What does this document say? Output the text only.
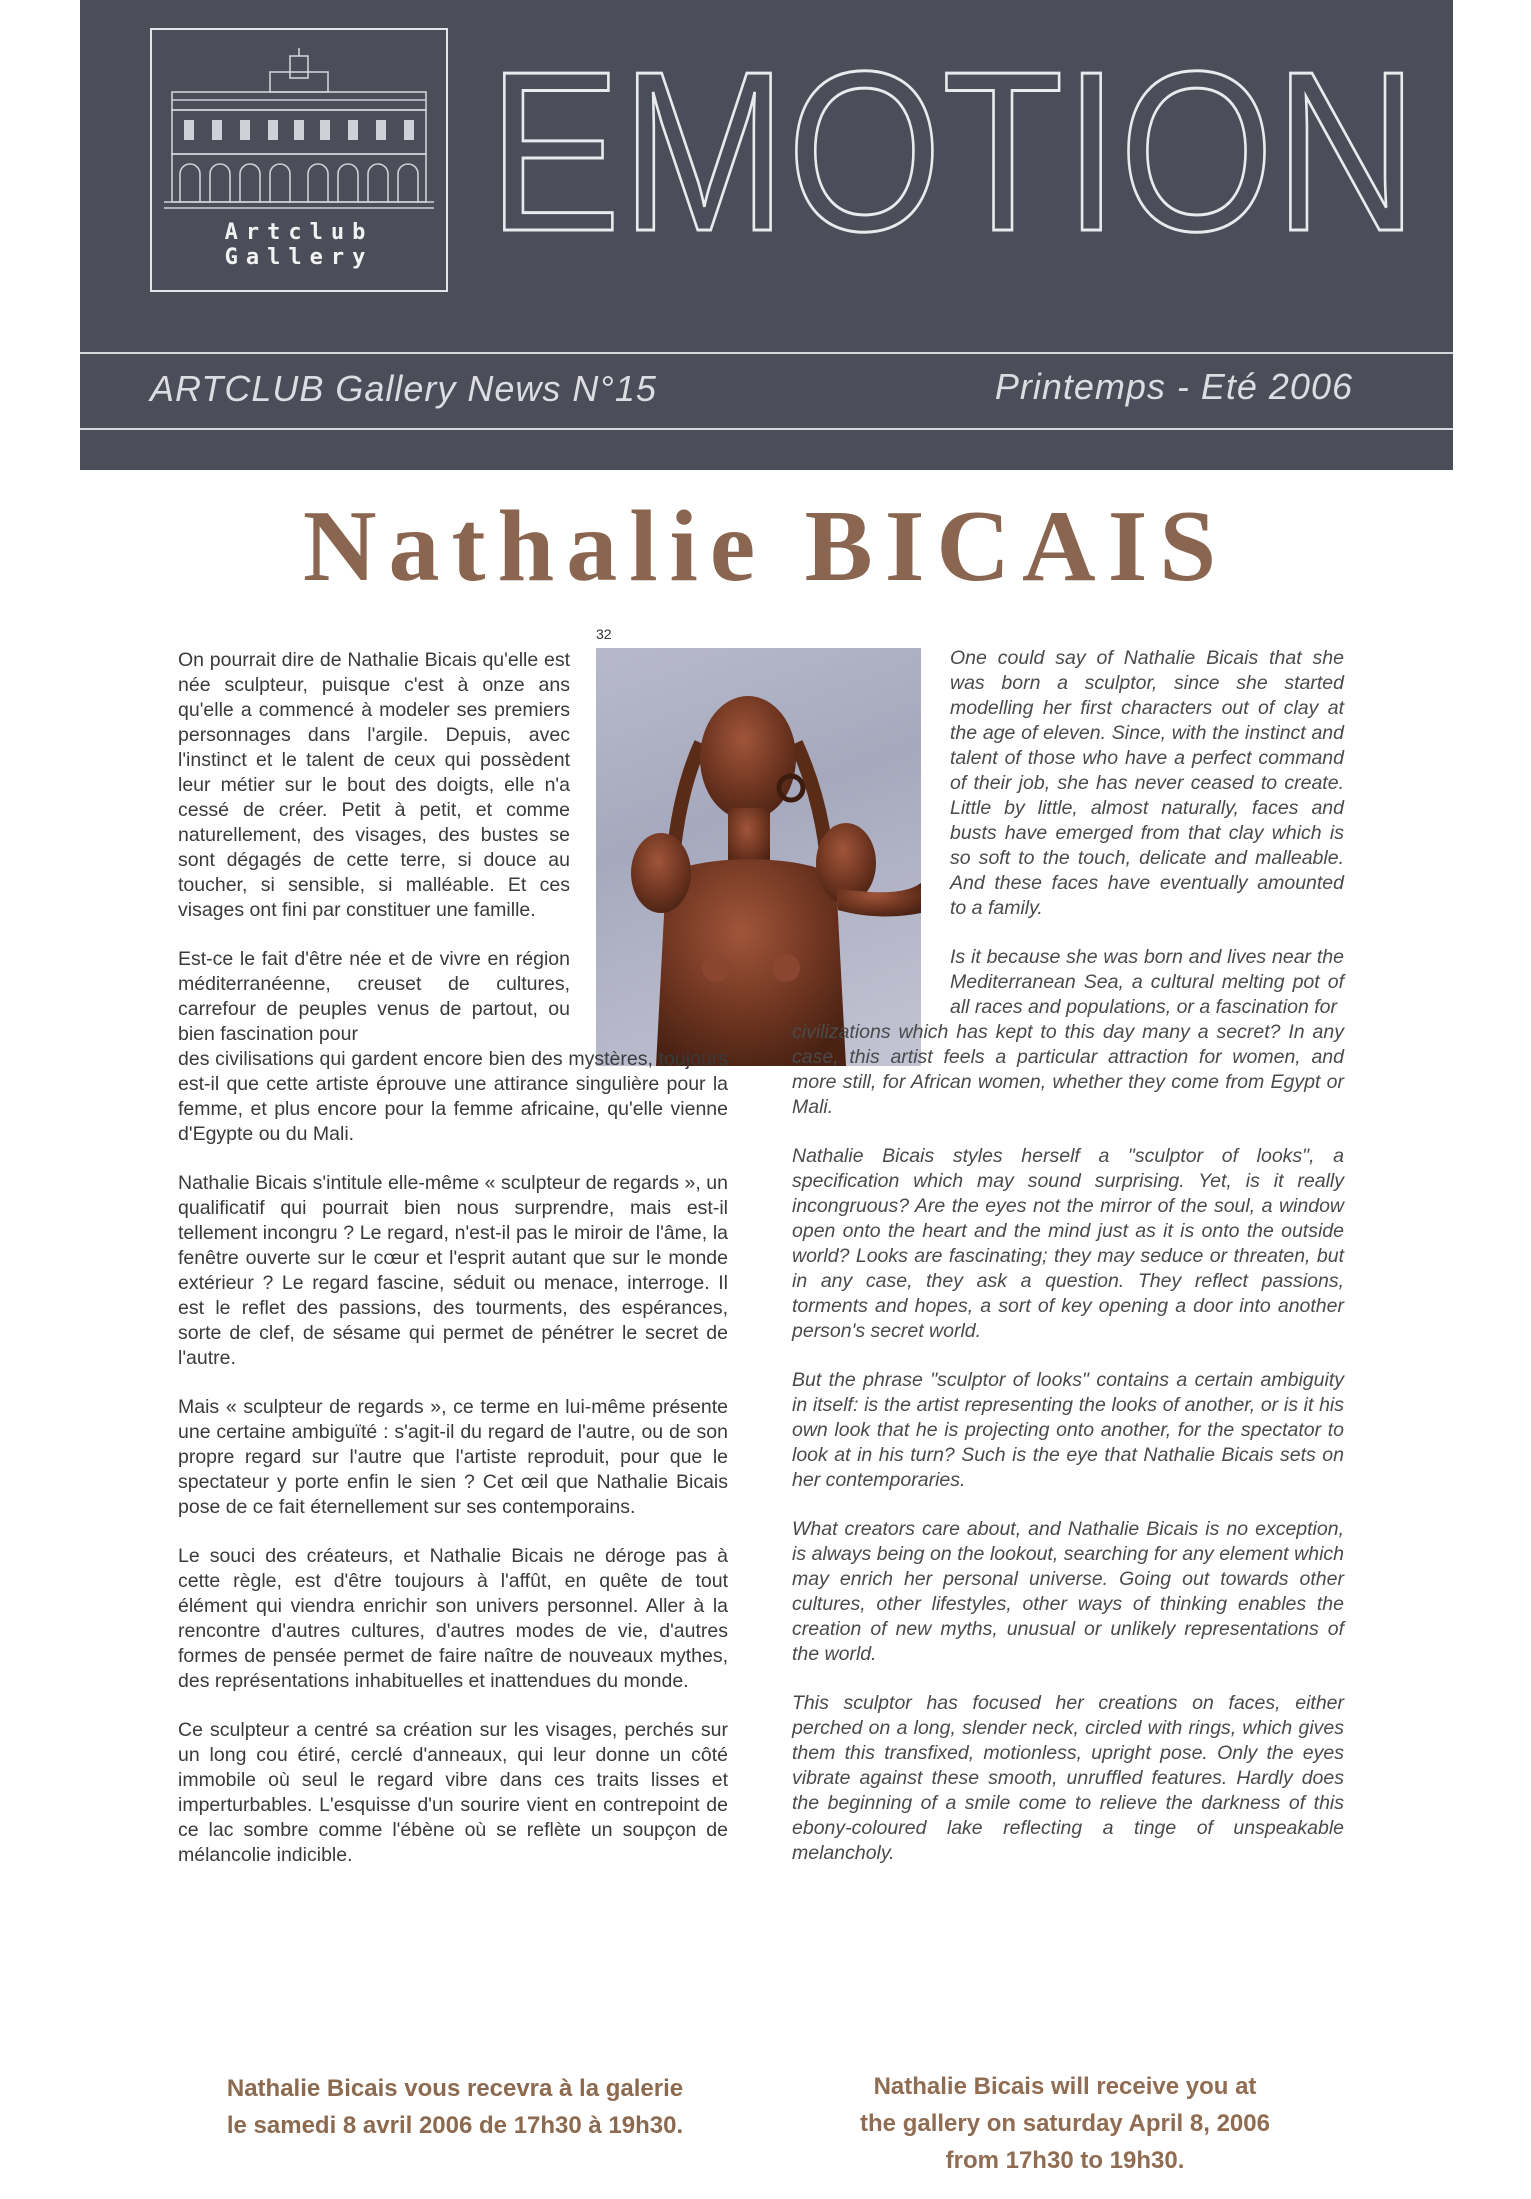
Artclub Gallery EMOTION
ARTCLUB Gallery News N°15	Printemps - Eté 2006
Nathalie BICAIS
32

On pourrait dire de Nathalie Bicais qu'elle est née sculpteur, puisque c'est à onze ans qu'elle a commencé à modeler ses premiers personnages dans l'argile. Depuis, avec l'instinct et le talent de ceux qui possèdent leur métier sur le bout des doigts, elle n'a cessé de créer. Petit à petit, et comme naturellement, des visages, des bustes se sont dégagés de cette terre, si douce au toucher, si sensible, si malléable. Et ces visages ont fini par constituer une famille.

Est-ce le fait d'être née et de vivre en région méditerranéenne, creuset de cultures, carrefour de peuples venus de partout, ou bien fascination pour
des civilisations qui gardent encore bien des mystères, toujours est-il que cette artiste éprouve une attirance singulière pour la femme, et plus encore pour la femme africaine, qu'elle vienne d'Egypte ou du Mali.

Nathalie Bicais s'intitule elle-même « sculpteur de regards », un qualificatif qui pourrait bien nous surprendre, mais est-il tellement incongru ? Le regard, n'est-il pas le miroir de l'âme, la fenêtre ouverte sur le cœur et l'esprit autant que sur le monde extérieur ? Le regard fascine, séduit ou menace, interroge. Il est le reflet des passions, des tourments, des espérances, sorte de clef, de sésame qui permet de pénétrer le secret de l'autre.

Mais « sculpteur de regards », ce terme en lui-même présente une certaine ambiguïté : s'agit-il du regard de l'autre, ou de son propre regard sur l'autre que l'artiste reproduit, pour que le spectateur y porte enfin le sien ? Cet œil que Nathalie Bicais pose de ce fait éternellement sur ses contemporains.

Le souci des créateurs, et Nathalie Bicais ne déroge pas à cette règle, est d'être toujours à l'affût, en quête de tout élément qui viendra enrichir son univers personnel. Aller à la rencontre d'autres cultures, d'autres modes de vie, d'autres formes de pensée permet de faire naître de nouveaux mythes, des représentations inhabituelles et inattendues du monde.

Ce sculpteur a centré sa création sur les visages, perchés sur un long cou étiré, cerclé d'anneaux, qui leur donne un côté immobile où seul le regard vibre dans ces traits lisses et imperturbables. L'esquisse d'un sourire vient en contrepoint de ce lac sombre comme l'ébène où se reflète un soupçon de mélancolie indicible.

One could say of Nathalie Bicais that she was born a sculptor, since she started modelling her first characters out of clay at the age of eleven. Since, with the instinct and talent of those who have a perfect command of their job, she has never ceased to create. Little by little, almost naturally, faces and busts have emerged from that clay which is so soft to the touch, delicate and malleable. And these faces have eventually amounted to a family.

Is it because she was born and lives near the Mediterranean Sea, a cultural melting pot of all races and populations, or a fascination for
civilizations which has kept to this day many a secret? In any case, this artist feels a particular attraction for women, and more still, for African women, whether they come from Egypt or Mali.

Nathalie Bicais styles herself a "sculptor of looks", a specification which may sound surprising. Yet, is it really incongruous? Are the eyes not the mirror of the soul, a window open onto the heart and the mind just as it is onto the outside world? Looks are fascinating; they may seduce or threaten, but in any case, they ask a question. They reflect passions, torments and hopes, a sort of key opening a door into another person's secret world.

But the phrase "sculptor of looks" contains a certain ambiguity in itself: is the artist representing the looks of another, or is it his own look that he is projecting onto another, for the spectator to look at in his turn? Such is the eye that Nathalie Bicais sets on her contemporaries.

What creators care about, and Nathalie Bicais is no exception, is always being on the lookout, searching for any element which may enrich her personal universe. Going out towards other cultures, other lifestyles, other ways of thinking enables the creation of new myths, unusual or unlikely representations of the world.

This sculptor has focused her creations on faces, either perched on a long, slender neck, circled with rings, which gives them this transfixed, motionless, upright pose. Only the eyes vibrate against these smooth, unruffled features. Hardly does the beginning of a smile come to relieve the darkness of this ebony-coloured lake reflecting a tinge of unspeakable melancholy.

Nathalie Bicais vous recevra à la galerie
le samedi 8 avril 2006 de 17h30 à 19h30.
Nathalie Bicais will receive you at
the gallery on saturday April 8, 2006
from 17h30 to 19h30.
